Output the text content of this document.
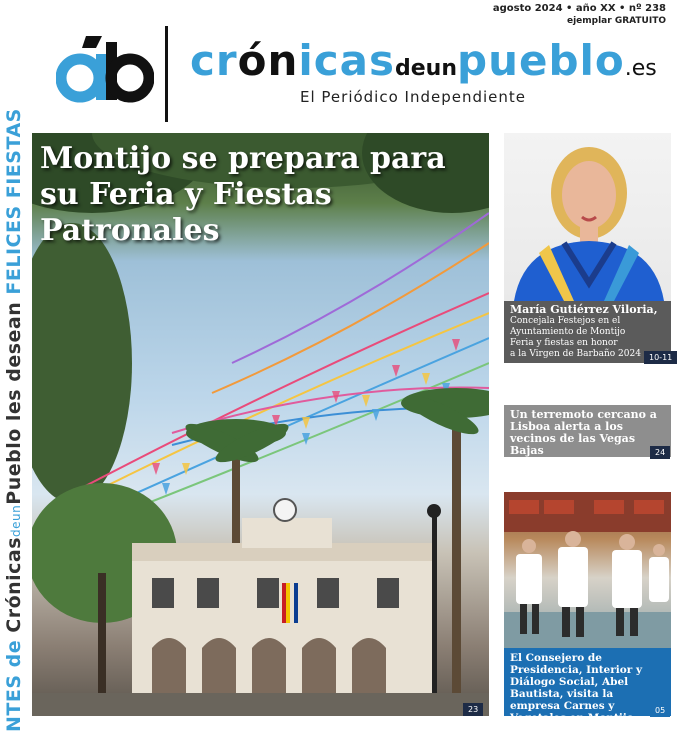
agosto 2024 • año XX • nº 238
ejemplar GRATUITO
NTES de CrónicasdeunPueblo les desean FELICES FIESTAS
crónicasdeunpueblo.es
El Periódico Independiente
Montijo se prepara para su Feria y Fiestas Patronales
23
María Gutiérrez Viloria,
Concejala Festejos en el
Ayuntamiento de Montijo
Feria y fiestas en honor
a la Virgen de Barbaño 2024	10-11
Un terremoto cercano a Lisboa alerta a los vecinos de las Vegas Bajas	24
El Consejero de Presidencia, Interior y Diálogo Social, Abel Bautista, visita la empresa Carnes y Vegetales en Montijo
05
